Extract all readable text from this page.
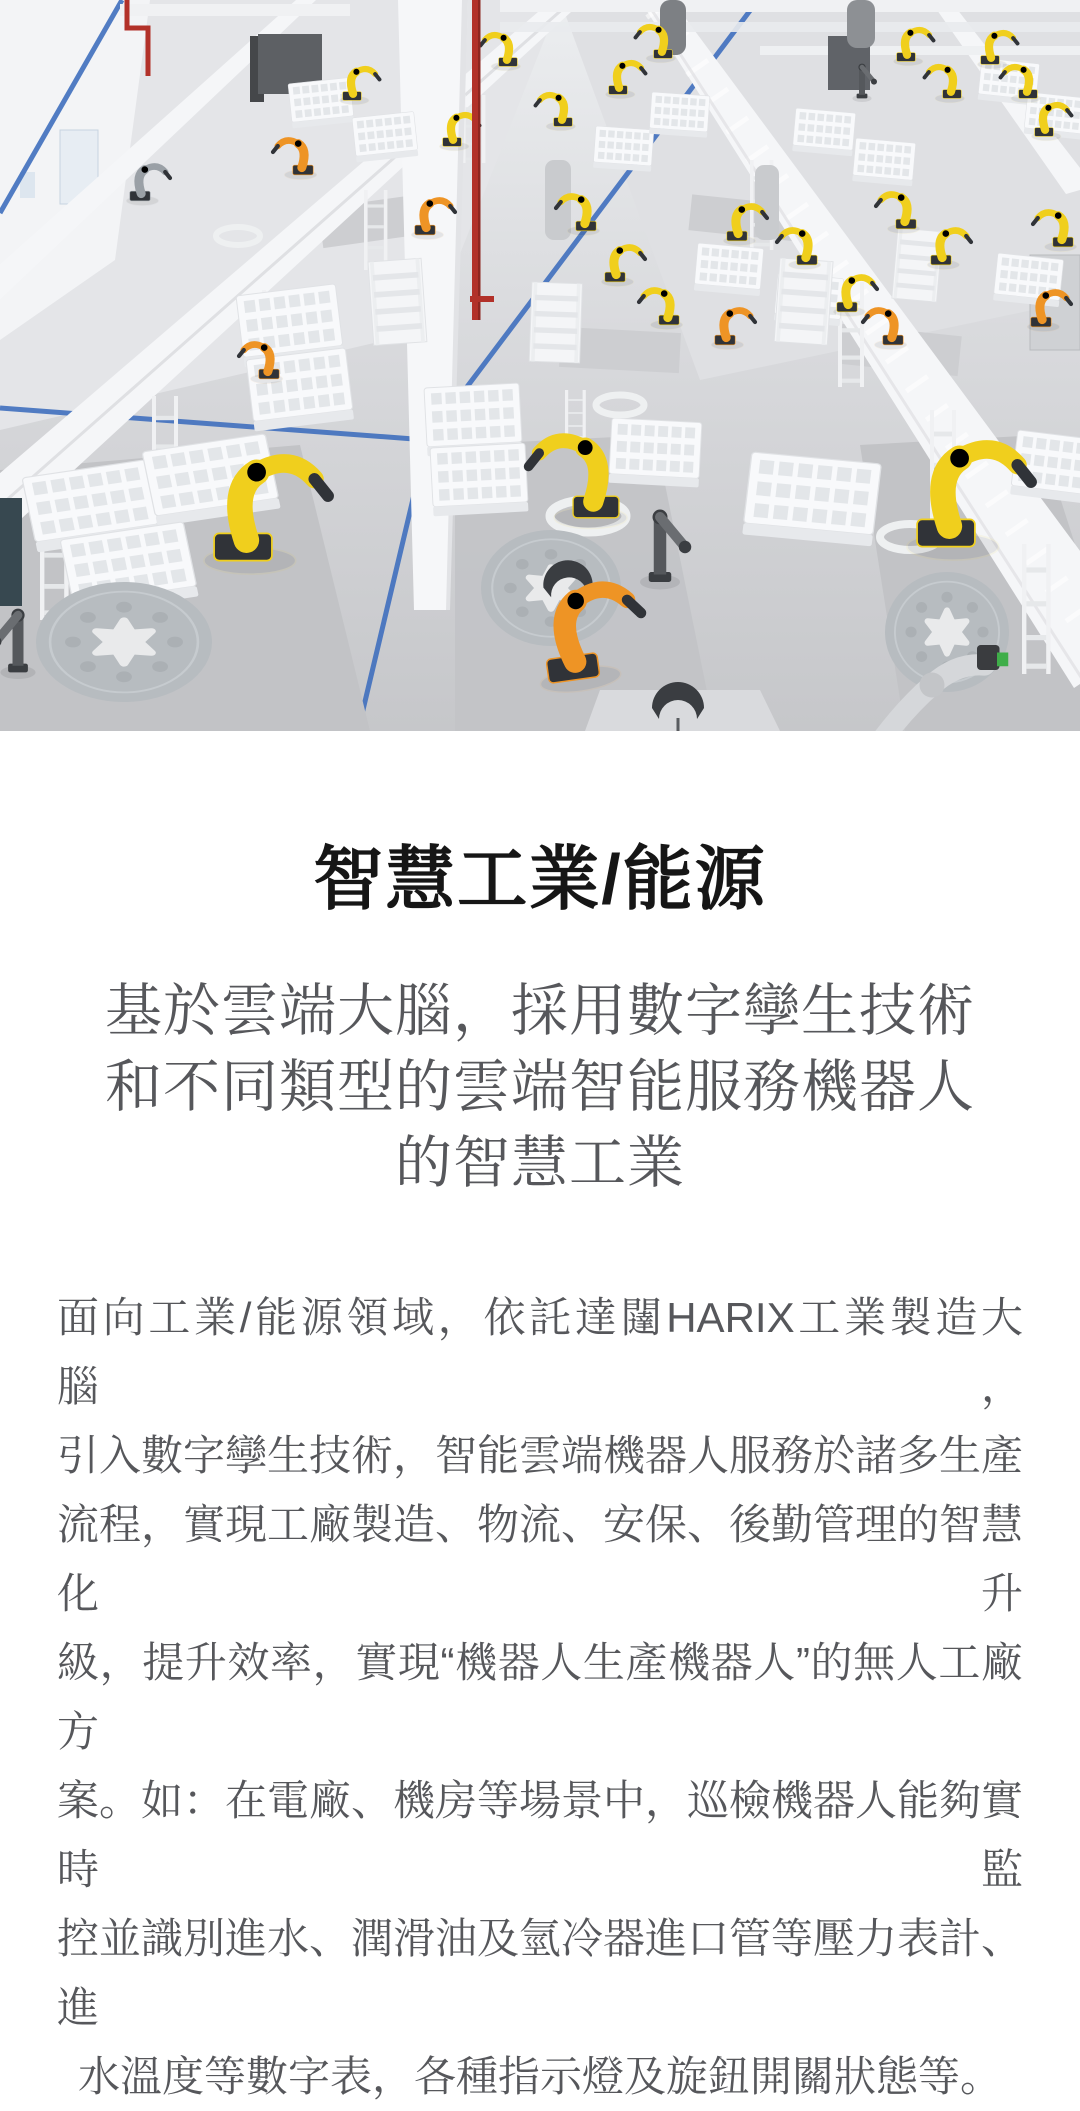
智慧工業/能源
基於雲端大腦，採用數字孿生技術
和不同類型的雲端智能服務機器人
的智慧工業
面向工業/能源領域，依託達闥HARIX工業製造大腦，
引入數字孿生技術，智能雲端機器人服務於諸多生產
流程，實現工廠製造、物流、安保、後勤管理的智慧化升
級，提升效率，實現“機器人生產機器人”的無人工廠方
案。如：在電廠、機房等場景中，巡檢機器人能夠實時監
控並識別進水、潤滑油及氫冷器進口管等壓力表計、進
水溫度等數字表，各種指示燈及旋鈕開關狀態等。
